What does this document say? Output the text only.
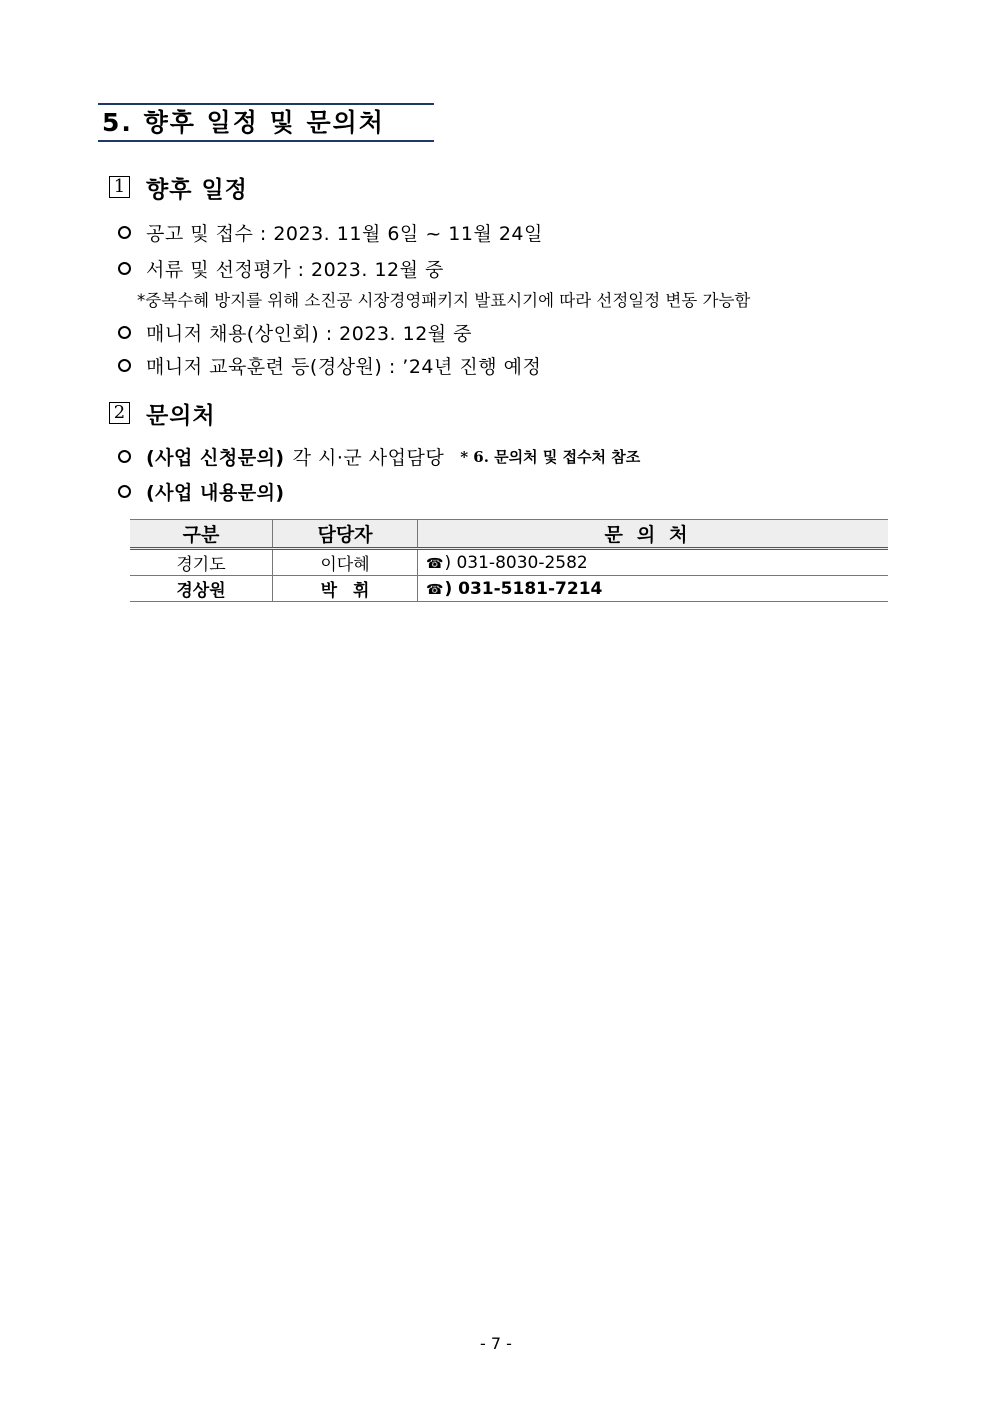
5. 향후 일정 및 문의처
1 향후 일정
공고 및 접수 : 2023. 11월 6일 ~ 11월 24일
서류 및 선정평가 : 2023. 12월 중
*중복수혜 방지를 위해 소진공 시장경영패키지 발표시기에 따라 선정일정 변동 가능함
매니저 채용(상인회) : 2023. 12월 중
매니저 교육훈련 등(경상원) : ’24년 진행 예정
2 문의처
(사업 신청문의) 각 시·군 사업담당 * 6. 문의처 및 접수처 참조
(사업 내용문의)
구분	담당자	문의처
경기도	이다혜	☎) 031-8030-2582
경상원	박휘	☎) 031-5181-7214
- 7 -
